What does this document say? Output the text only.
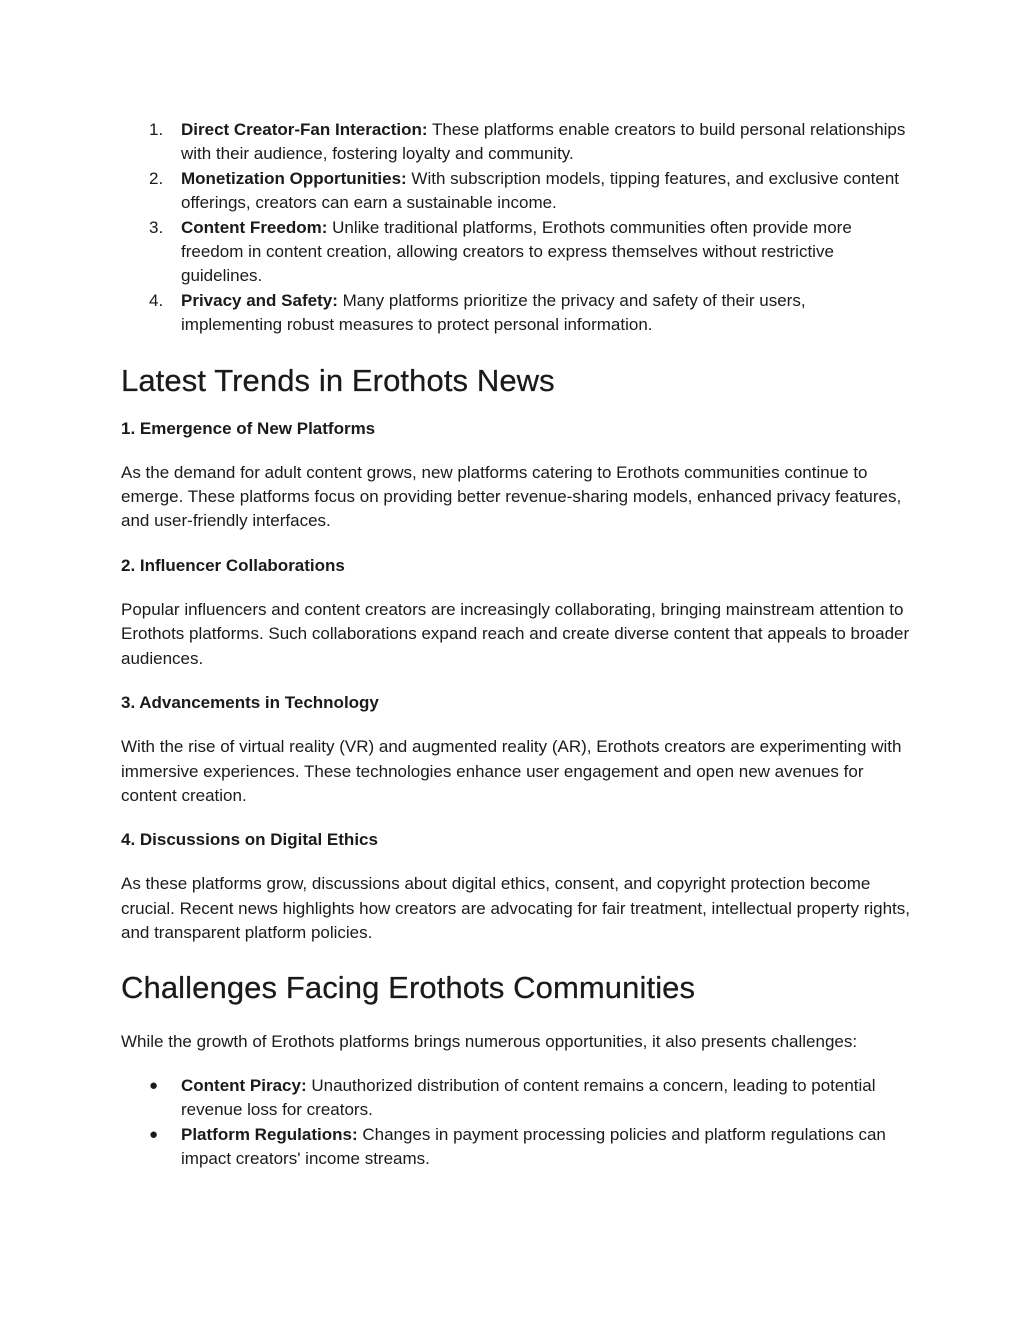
1.	Direct Creator-Fan Interaction: These platforms enable creators to build personal relationships with their audience, fostering loyalty and community.
2.	Monetization Opportunities: With subscription models, tipping features, and exclusive content offerings, creators can earn a sustainable income.
3.	Content Freedom: Unlike traditional platforms, Erothots communities often provide more freedom in content creation, allowing creators to express themselves without restrictive guidelines.
4.	Privacy and Safety: Many platforms prioritize the privacy and safety of their users, implementing robust measures to protect personal information.
Latest Trends in Erothots News
1. Emergence of New Platforms

As the demand for adult content grows, new platforms catering to Erothots communities continue to emerge. These platforms focus on providing better revenue-sharing models, enhanced privacy features, and user-friendly interfaces.

2. Influencer Collaborations

Popular influencers and content creators are increasingly collaborating, bringing mainstream attention to Erothots platforms. Such collaborations expand reach and create diverse content that appeals to broader audiences.

3. Advancements in Technology

With the rise of virtual reality (VR) and augmented reality (AR), Erothots creators are experimenting with immersive experiences. These technologies enhance user engagement and open new avenues for content creation.

4. Discussions on Digital Ethics

As these platforms grow, discussions about digital ethics, consent, and copyright protection become crucial. Recent news highlights how creators are advocating for fair treatment, intellectual property rights, and transparent platform policies.

Challenges Facing Erothots Communities

While the growth of Erothots platforms brings numerous opportunities, it also presents challenges:

●	Content Piracy: Unauthorized distribution of content remains a concern, leading to potential revenue loss for creators.
●	Platform Regulations: Changes in payment processing policies and platform regulations can impact creators' income streams.
